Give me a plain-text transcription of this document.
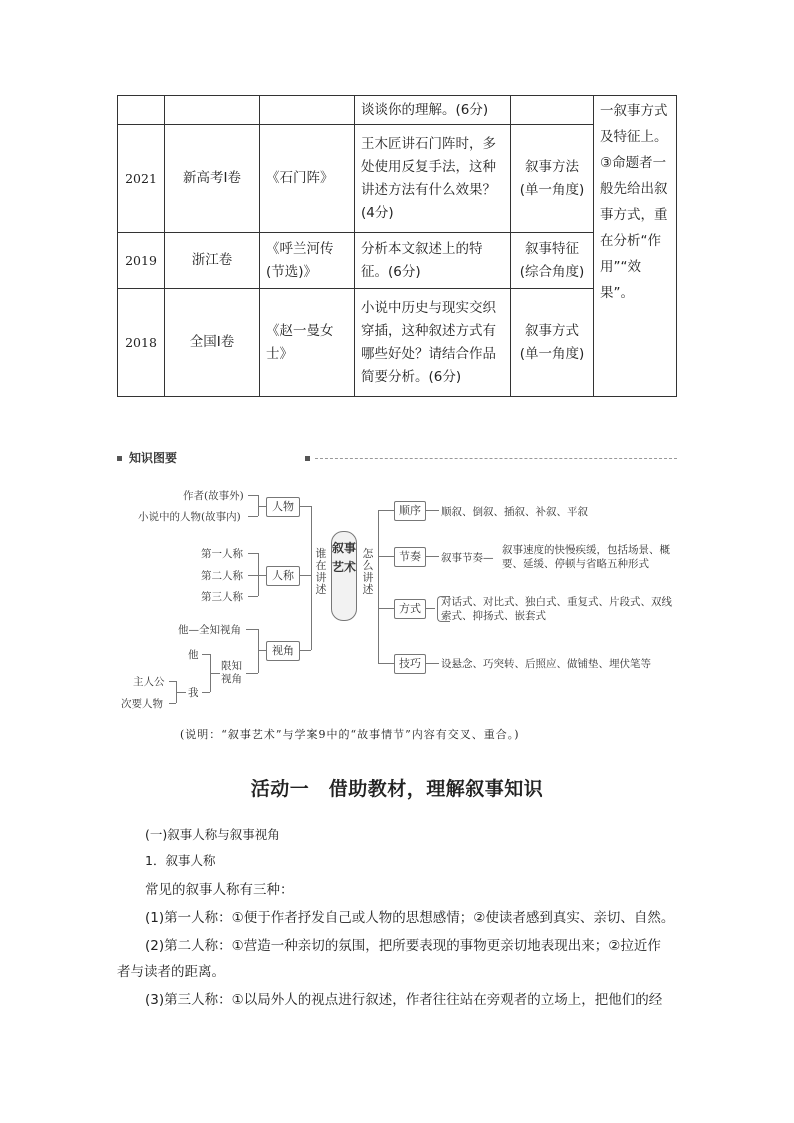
			谈谈你的理解。(6分)		一叙事方式及特征上。③命题者一般先给出叙事方式，重在分析“作用”“效果”。
2021	新高考Ⅰ卷	《石门阵》	王木匠讲石门阵时，多处使用反复手法，这种讲述方法有什么效果？(4分)	叙事方法(单一角度)	
2019	浙江卷	《呼兰河传(节选)》	分析本文叙述上的特征。(6分)	叙事特征(综合角度)	
2018	全国Ⅰ卷	《赵一曼女士》	小说中历史与现实交织穿插，这种叙述方式有哪些好处？请结合作品简要分析。(6分)	叙事方式(单一角度)	
知识图要
作者(故事外)
小说中的人物(故事内)
人物
第一人称
第二人称
第三人称
人称
他—全知视角
他
限知视角
主人公
次要人物
我
视角
谁在讲述
叙事艺术
怎么讲述
顺序	顺叙、倒叙、插叙、补叙、平叙
节奏	叙事节奏—
叙事速度的快慢疾缓，包括场景、概要、延缓、停顿与省略五种形式
方式	对话式、对比式、独白式、重复式、片段式、双线索式、抑扬式、嵌套式
技巧	设悬念、巧突转、后照应、做铺垫、埋伏笔等
(说明：“叙事艺术”与学案9中的“故事情节”内容有交叉、重合。)
活动一　借助教材，理解叙事知识
(一)叙事人称与叙事视角
1．叙事人称
常见的叙事人称有三种：
(1)第一人称：①便于作者抒发自己或人物的思想感情；②使读者感到真实、亲切、自然。
(2)第二人称：①营造一种亲切的氛围，把所要表现的事物更亲切地表现出来；②拉近作
者与读者的距离。
(3)第三人称：①以局外人的视点进行叙述，作者往往站在旁观者的立场上，把他们的经
